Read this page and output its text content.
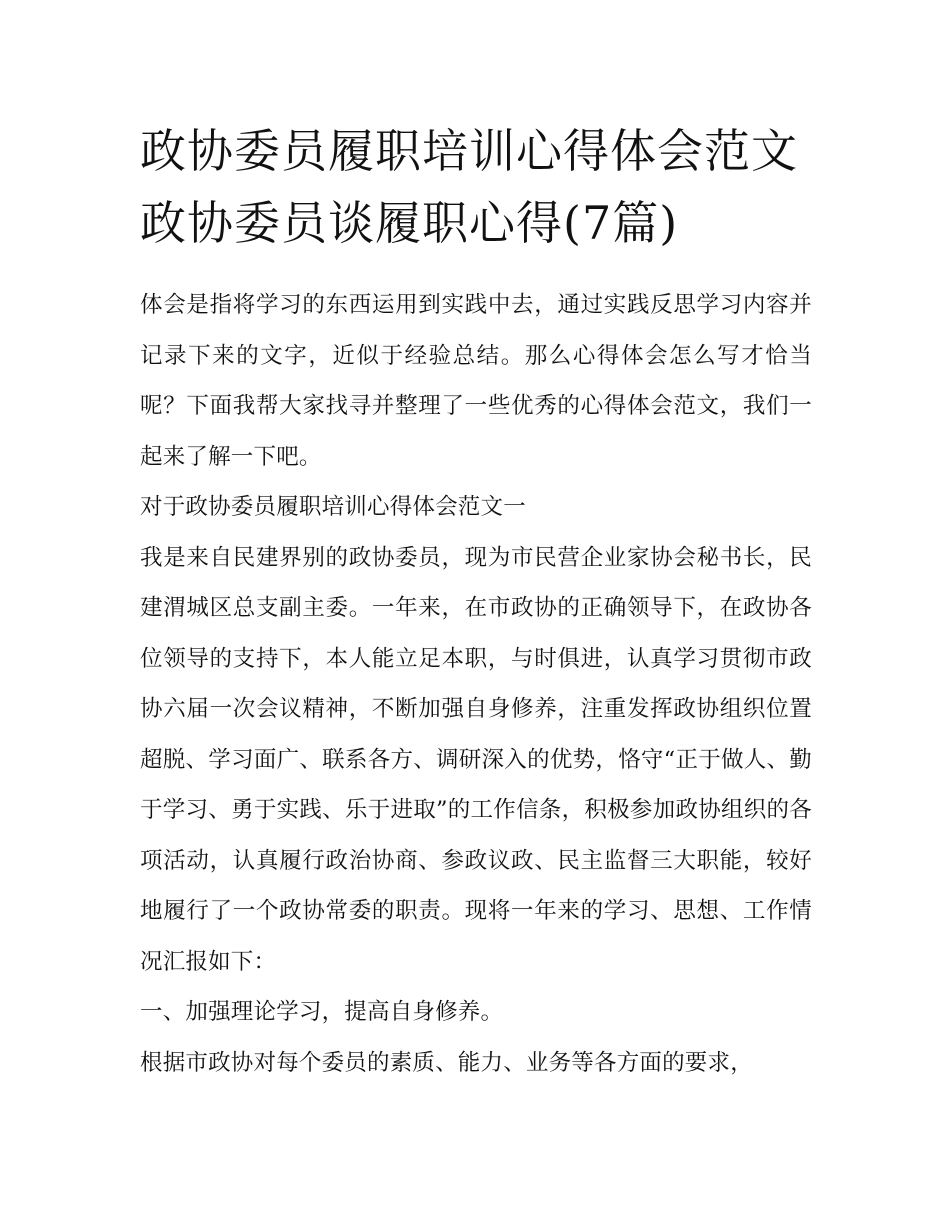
政协委员履职培训心得体会范文 政协委员谈履职心得(7篇)

体会是指将学习的东西运用到实践中去，通过实践反思学习内容并记录下来的文字，近似于经验总结。那么心得体会怎么写才恰当呢？下面我帮大家找寻并整理了一些优秀的心得体会范文，我们一起来了解一下吧。

对于政协委员履职培训心得体会范文一

我是来自民建界别的政协委员，现为市民营企业家协会秘书长，民建渭城区总支副主委。一年来，在市政协的正确领导下，在政协各位领导的支持下，本人能立足本职，与时俱进，认真学习贯彻市政协六届一次会议精神，不断加强自身修养，注重发挥政协组织位置超脱、学习面广、联系各方、调研深入的优势，恪守“正于做人、勤于学习、勇于实践、乐于进取”的工作信条，积极参加政协组织的各项活动，认真履行政治协商、参政议政、民主监督三大职能，较好地履行了一个政协常委的职责。现将一年来的学习、思想、工作情况汇报如下：

一、加强理论学习，提高自身修养。

根据市政协对每个委员的素质、能力、业务等各方面的要求，
